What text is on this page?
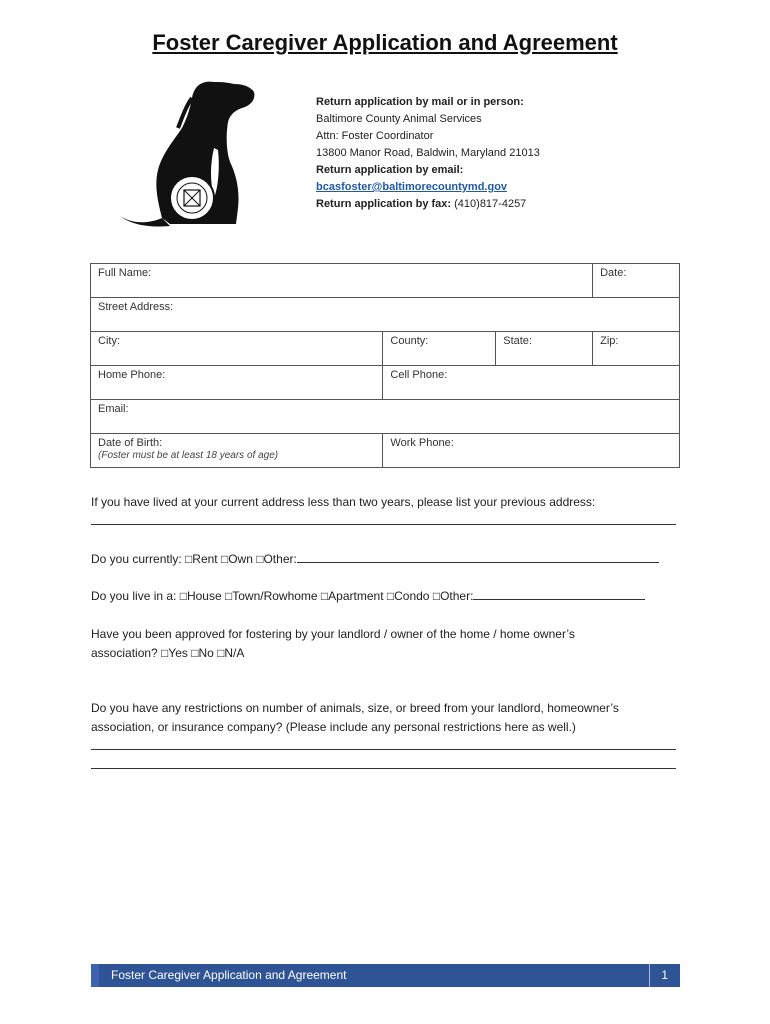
Foster Caregiver Application and Agreement
Return application by mail or in person:
Baltimore County Animal Services
Attn: Foster Coordinator
13800 Manor Road, Baldwin, Maryland 21013
Return application by email:
bcasfoster@baltimorecountymd.gov
Return application by fax: (410)817-4257
Full Name:			Date:
Street Address:			
City:	County:	State:	Zip:
Home Phone:	Cell Phone:		
Email:			
Date of Birth:
(Foster must be at least 18 years of age)	Work Phone:		
If you have lived at your current address less than two years, please list your previous address:
Do you currently: □Rent □Own □Other:
Do you live in a: □House □Town/Rowhome □Apartment □Condo □Other:
Have you been approved for fostering by your landlord / owner of the home / home owner’s
association? □Yes □No □N/A
Do you have any restrictions on number of animals, size, or breed from your landlord, homeowner’s
association, or insurance company? (Please include any personal restrictions here as well.)
Foster Caregiver Application and Agreement	1
